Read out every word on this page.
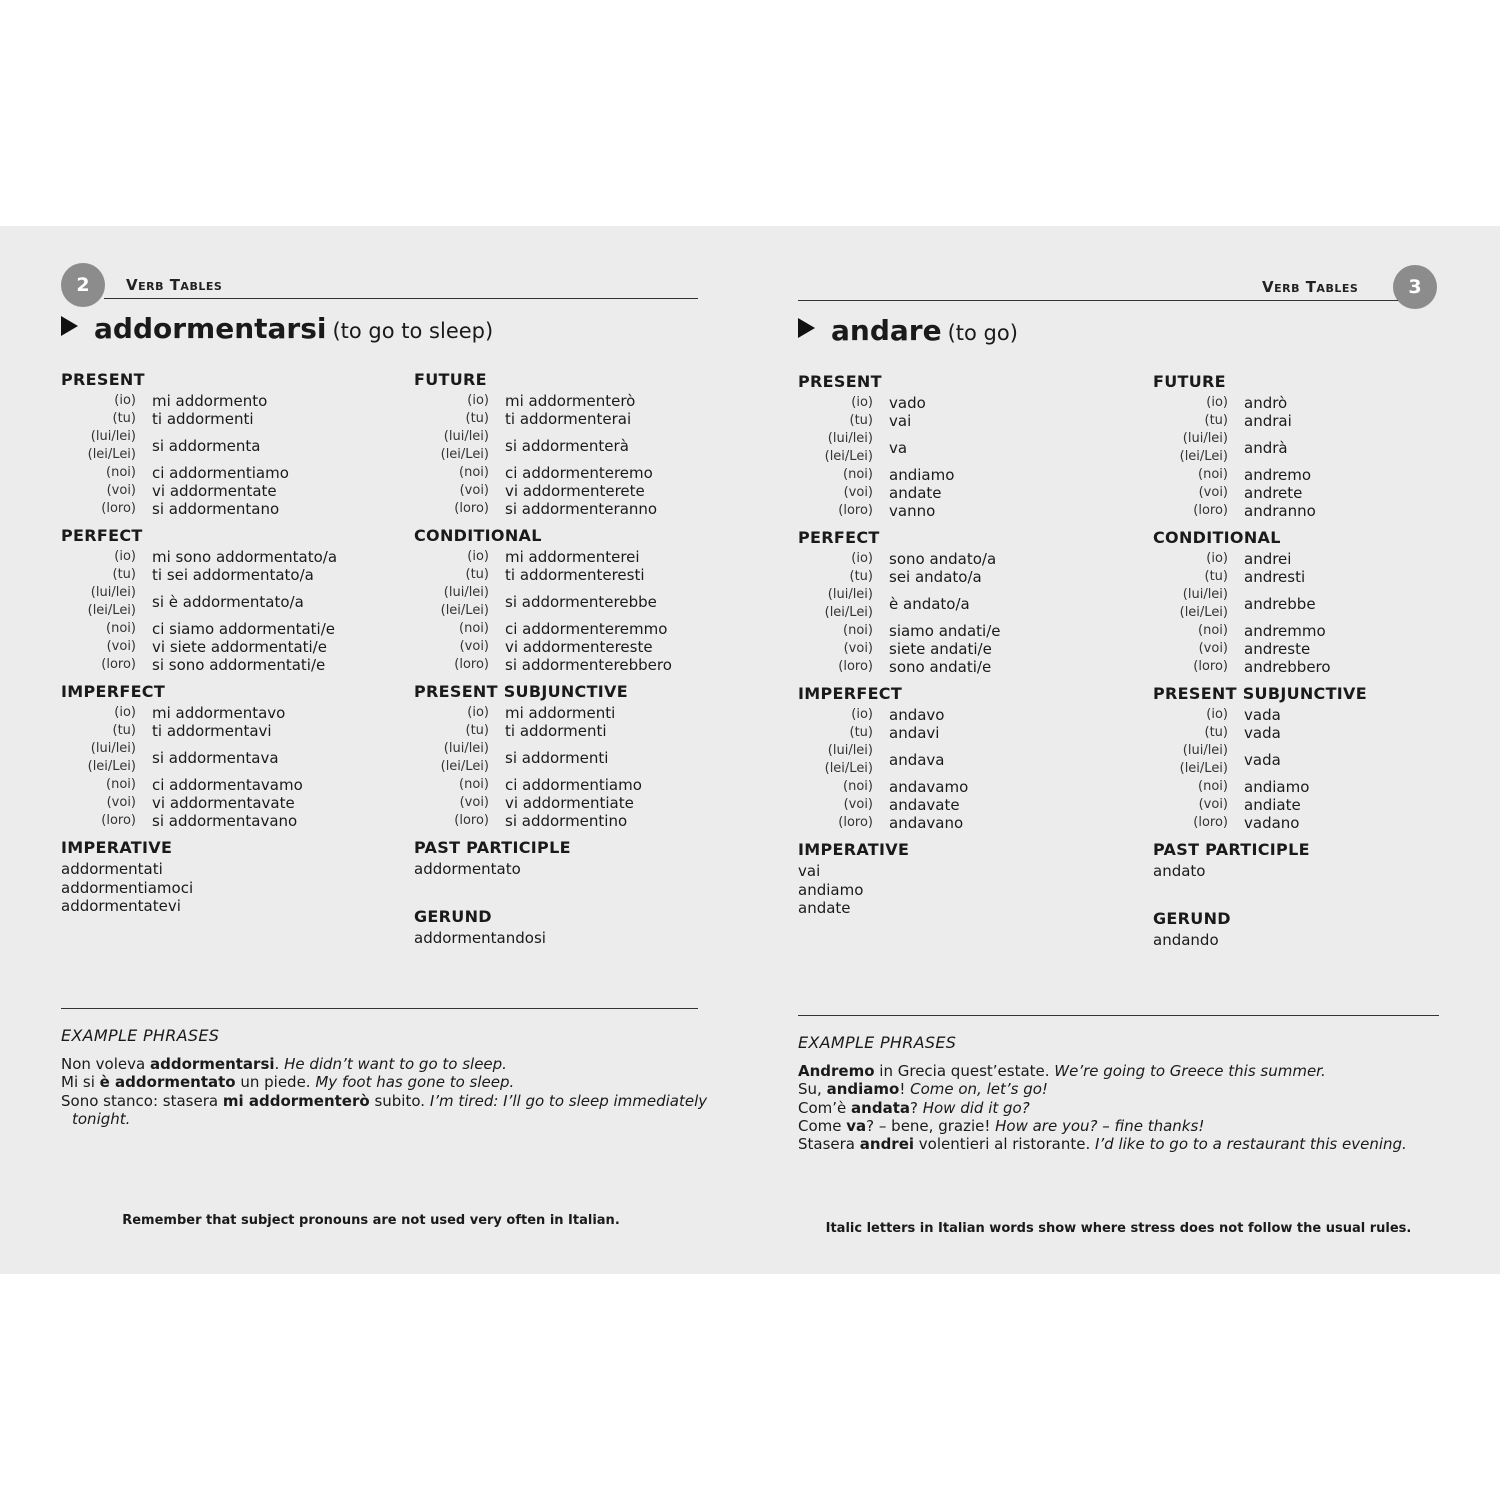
2	Verb Tables
addormentarsi (to go to sleep)
PRESENT
(io)	mi addormento
(tu)	ti addormenti
(lui/lei)
(lei/Lei) si addormenta
(noi)	ci addormentiamo
(voi)	vi addormentate
(loro)	si addormentano
PERFECT
(io)	mi sono addormentato/a
(tu)	ti sei addormentato/a
(lui/lei)
(lei/Lei) si è addormentato/a
(noi)	ci siamo addormentati/e
(voi)	vi siete addormentati/e
(loro)	si sono addormentati/e
IMPERFECT
(io)	mi addormentavo
(tu)	ti addormentavi
(lui/lei)
(lei/Lei) si addormentava
(noi)	ci addormentavamo
(voi)	vi addormentavate
(loro)	si addormentavano
IMPERATIVE
addormentati
addormentiamoci
addormentatevi
FUTURE
(io)	mi addormenterò
(tu)	ti addormenterai
(lui/lei)
(lei/Lei) si addormenterà
(noi)	ci addormenteremo
(voi)	vi addormenterete
(loro)	si addormenteranno
CONDITIONAL
(io)	mi addormenterei
(tu)	ti addormenteresti
(lui/lei)
(lei/Lei) si addormenterebbe
(noi)	ci addormenteremmo
(voi)	vi addormentereste
(loro)	si addormenterebbero
PRESENT SUBJUNCTIVE
(io)	mi addormenti
(tu)	ti addormenti
(lui/lei)
(lei/Lei) si addormenti
(noi)	ci addormentiamo
(voi)	vi addormentiate
(loro)	si addormentino
PAST PARTICIPLE
addormentato
GERUND
addormentandosi
EXAMPLE PHRASES
Non voleva addormentarsi. He didn’t want to go to sleep.
Mi si è addormentato un piede. My foot has gone to sleep.
Sono stanco: stasera mi addormenterò subito. I’m tired: I’ll go to sleep immediately
tonight.
Remember that subject pronouns are not used very often in Italian.
Verb Tables	3
andare (to go)
PRESENT
(io)	vado
(tu)	vai
(lui/lei)
(lei/Lei) va
(noi)	andiamo
(voi)	andate
(loro)	vanno
PERFECT
(io)	sono andato/a
(tu)	sei andato/a
(lui/lei)
(lei/Lei) è andato/a
(noi)	siamo andati/e
(voi)	siete andati/e
(loro)	sono andati/e
IMPERFECT
(io)	andavo
(tu)	andavi
(lui/lei)
(lei/Lei) andava
(noi)	andavamo
(voi)	andavate
(loro)	andavano
IMPERATIVE
vai
andiamo
andate
FUTURE
(io)	andrò
(tu)	andrai
(lui/lei)
(lei/Lei) andrà
(noi)	andremo
(voi)	andrete
(loro)	andranno
CONDITIONAL
(io)	andrei
(tu)	andresti
(lui/lei)
(lei/Lei) andrebbe
(noi)	andremmo
(voi)	andreste
(loro)	andrebbero
PRESENT SUBJUNCTIVE
(io)	vada
(tu)	vada
(lui/lei)
(lei/Lei) vada
(noi)	andiamo
(voi)	andiate
(loro)	vadano
PAST PARTICIPLE
andato
GERUND
andando
EXAMPLE PHRASES
Andremo in Grecia quest’estate. We’re going to Greece this summer.
Su, andiamo! Come on, let’s go!
Com’è andata? How did it go?
Come va? – bene, grazie! How are you? – fine thanks!
Stasera andrei volentieri al ristorante. I’d like to go to a restaurant this evening.
Italic letters in Italian words show where stress does not follow the usual rules.
